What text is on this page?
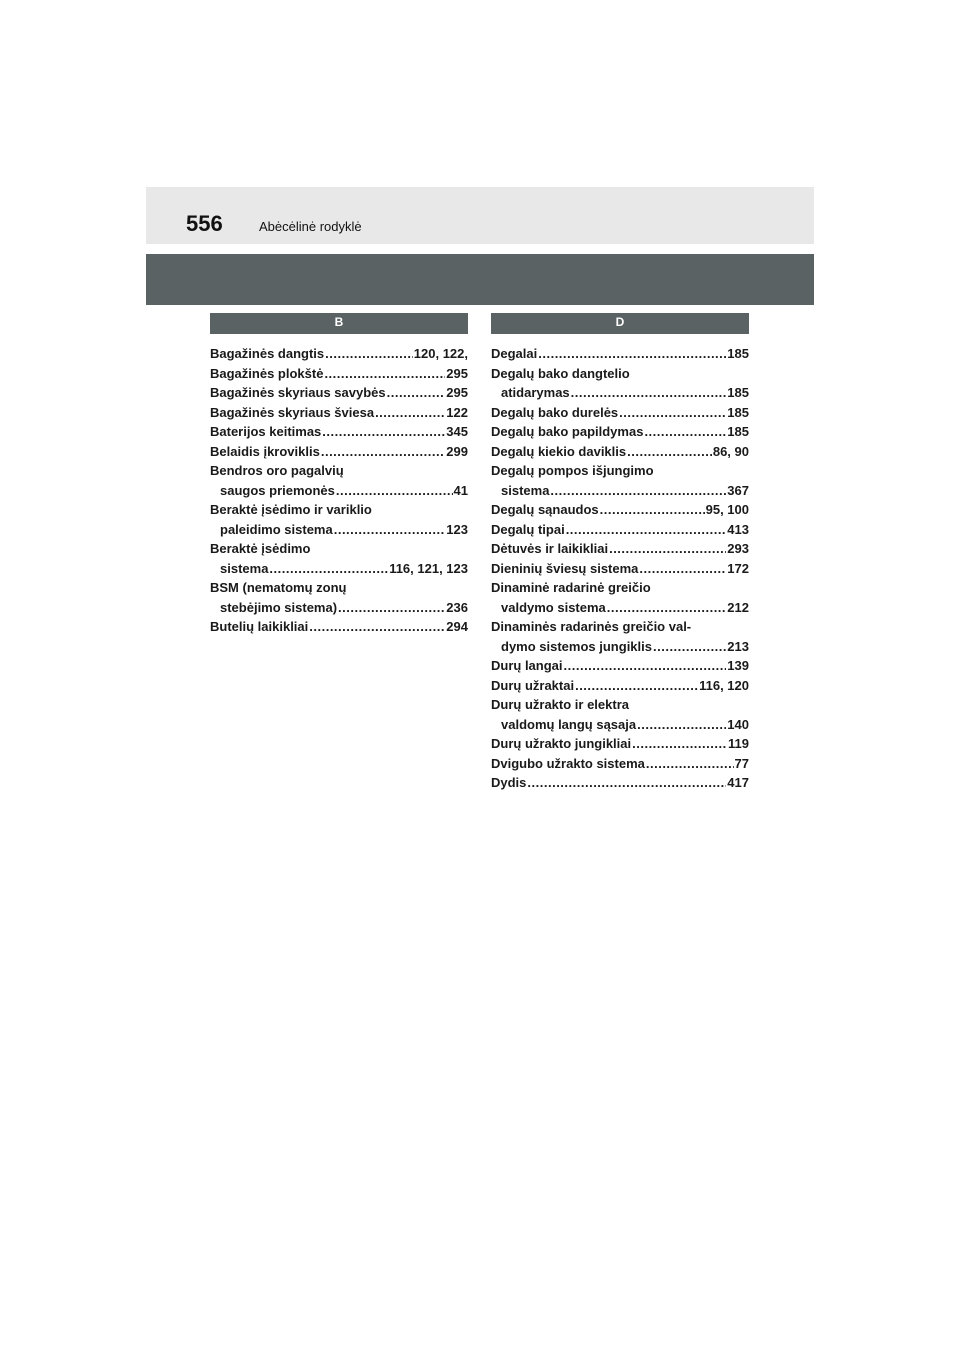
556	Abėcėlinė rodyklė
B
Bagažinės dangtis .....	120, 122,
Bagažinės plokštė .....	295
Bagažinės skyriaus savybės .....	295
Bagažinės skyriaus šviesa .....	122
Baterijos keitimas .....	345
Belaidis įkroviklis .....	299
Bendros oro pagalvių
saugos priemonės .....	41
Beraktė įsėdimo ir variklio
paleidimo sistema .....	123
Beraktė įsėdimo
sistema .....	116, 121, 123
BSM (nematomų zonų
stebėjimo sistema) .....	236
Butelių laikikliai .....	294
D
Degalai .....	185
Degalų bako dangtelio
atidarymas .....	185
Degalų bako durelės .....	185
Degalų bako papildymas .....	185
Degalų kiekio daviklis .....	86, 90
Degalų pompos išjungimo
sistema .....	367
Degalų sąnaudos .....	95, 100
Degalų tipai .....	413
Dėtuvės ir laikikliai .....	293
Dieninių šviesų sistema .....	172
Dinaminė radarinė greičio
valdymo sistema .....	212
Dinaminės radarinės greičio val-
dymo sistemos jungiklis .....	213
Durų langai .....	139
Durų užraktai .....	116, 120
Durų užrakto ir elektra
valdomų langų sąsaja .....	140
Durų užrakto jungikliai .....	119
Dvigubo užrakto sistema .....	77
Dydis .....	417
